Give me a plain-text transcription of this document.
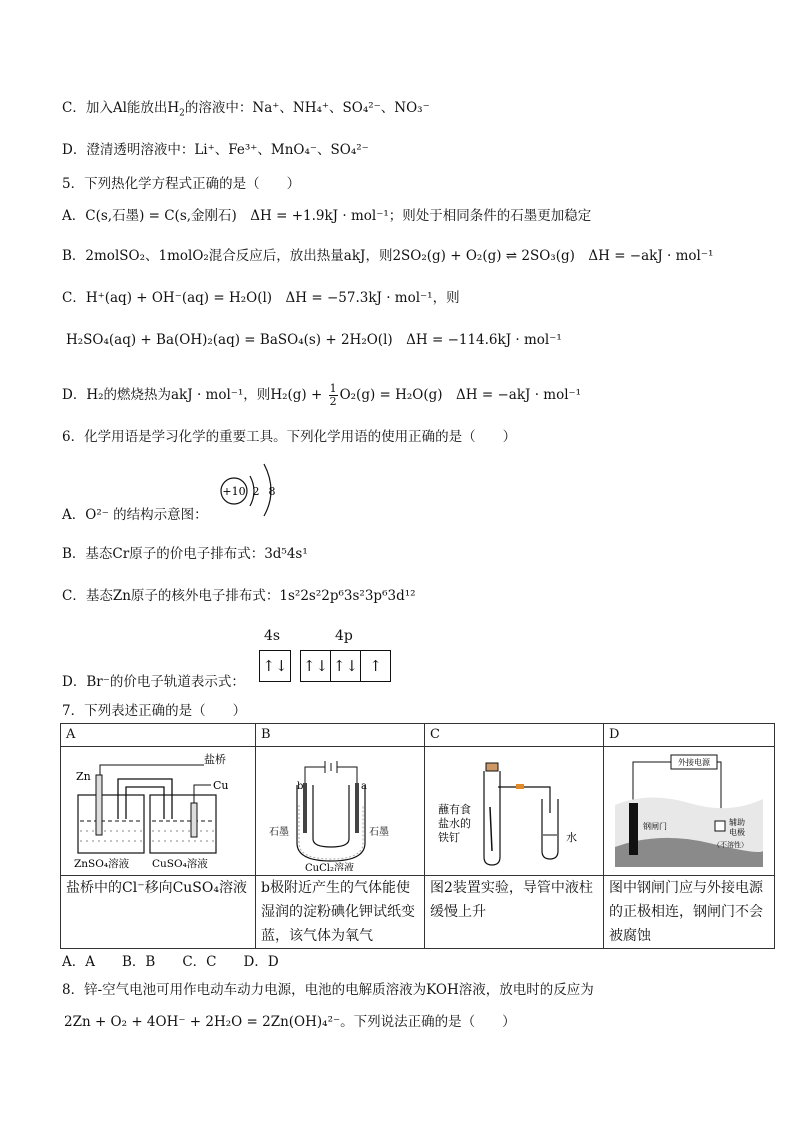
C．加入Al能放出$H_2$的溶液中：Na⁺、NH₄⁺、SO₄²⁻、NO₃⁻
D．澄清透明溶液中：Li⁺、Fe³⁺、MnO₄⁻、SO₄²⁻
5．下列热化学方程式正确的是（　　）
A．C(s,石墨) = C(s,金刚石)　ΔH = +1.9kJ · mol⁻¹；则处于相同条件的石墨更加稳定
B．2molSO₂、1molO₂混合反应后，放出热量akJ，则2SO₂(g) + O₂(g) ⇌ 2SO₃(g)　ΔH = −akJ · mol⁻¹
C．H⁺(aq) + OH⁻(aq) = H₂O(l)　ΔH = −57.3kJ · mol⁻¹，则
H₂SO₄(aq) + Ba(OH)₂(aq) = BaSO₄(s) + 2H₂O(l)　ΔH = −114.6kJ · mol⁻¹
D．H₂的燃烧热为akJ · mol⁻¹，则$H_2(g) + \frac{1}{2} O_2(g) = H_2O(g)$　ΔH = −akJ · mol⁻¹
6．化学用语是学习化学的重要工具。下列化学用语的使用正确的是（　　）
+10 2 8
A．O²⁻ 的结构示意图：
B．基态Cr原子的价电子排布式：3d⁵4s¹
C．基态Zn原子的核外电子排布式：1s²2s²2p⁶3s²3p⁶3d¹²
4s	4p
↑↓ ↑↓ ↑↓ ↑
D．Br⁻的价电子轨道表示式：
7．下列表述正确的是（　　）
A	B	C	D

盐桥
Zn
Cu
ZnSO₄溶液 CuSO₄溶液	b a
石墨 石墨
CuCl₂溶液	蘸有食
盐水的
铁钉 水	外接电源
钢闸门 辅助
电极
（不溶性）

盐桥中的Cl⁻移向CuSO₄溶液	b极附近产生的气体能使湿润的淀粉碘化钾试纸变蓝，该气体为氧气	图2装置实验，导管中液柱缓慢上升	图中钢闸门应与外接电源的正极相连，钢闸门不会被腐蚀
A．A　　B．B　　C．C　　D．D
8．锌-空气电池可用作电动车动力电源，电池的电解质溶液为KOH溶液，放电时的反应为
2Zn + O₂ + 4OH⁻ + 2H₂O = 2Zn(OH)₄²⁻。下列说法正确的是（　　）
